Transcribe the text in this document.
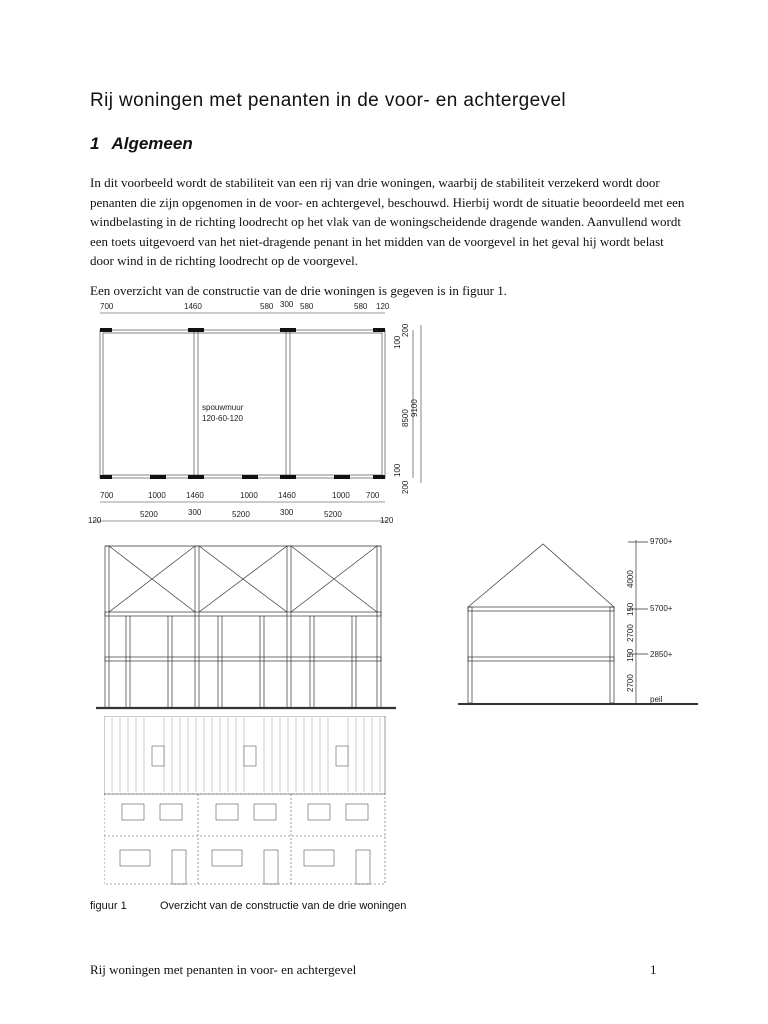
Rij woningen met penanten in de voor- en achtergevel
1 Algemeen
In dit voorbeeld wordt de stabiliteit van een rij van drie woningen, waarbij de stabiliteit verzekerd wordt door penanten die zijn opgenomen in de voor- en achtergevel, beschouwd. Hierbij wordt de situatie beoordeeld met een windbelasting in de richting loodrecht op het vlak van de woningscheidende dragende wanden. Aanvullend wordt een toets uitgevoerd van het niet-dragende penant in het midden van de voorgevel in het geval hij wordt belast door wind in de richting loodrecht op de voorgevel.
Een overzicht van de constructie van de drie woningen is gegeven is in figuur 1.
700	1460	580 300 580	580 120
spouwmuur
120-60-120
700	1000	1460	1000	1460	1000 700
120
5200	300	5200	300	5200
120
200
100
8500
9100
100
200
9700+
5700+
2850+
peil
4000
150
2700
150
2700
figuur 1	Overzicht van de constructie van de drie woningen
Rij woningen met penanten in voor- en achtergevel	1
